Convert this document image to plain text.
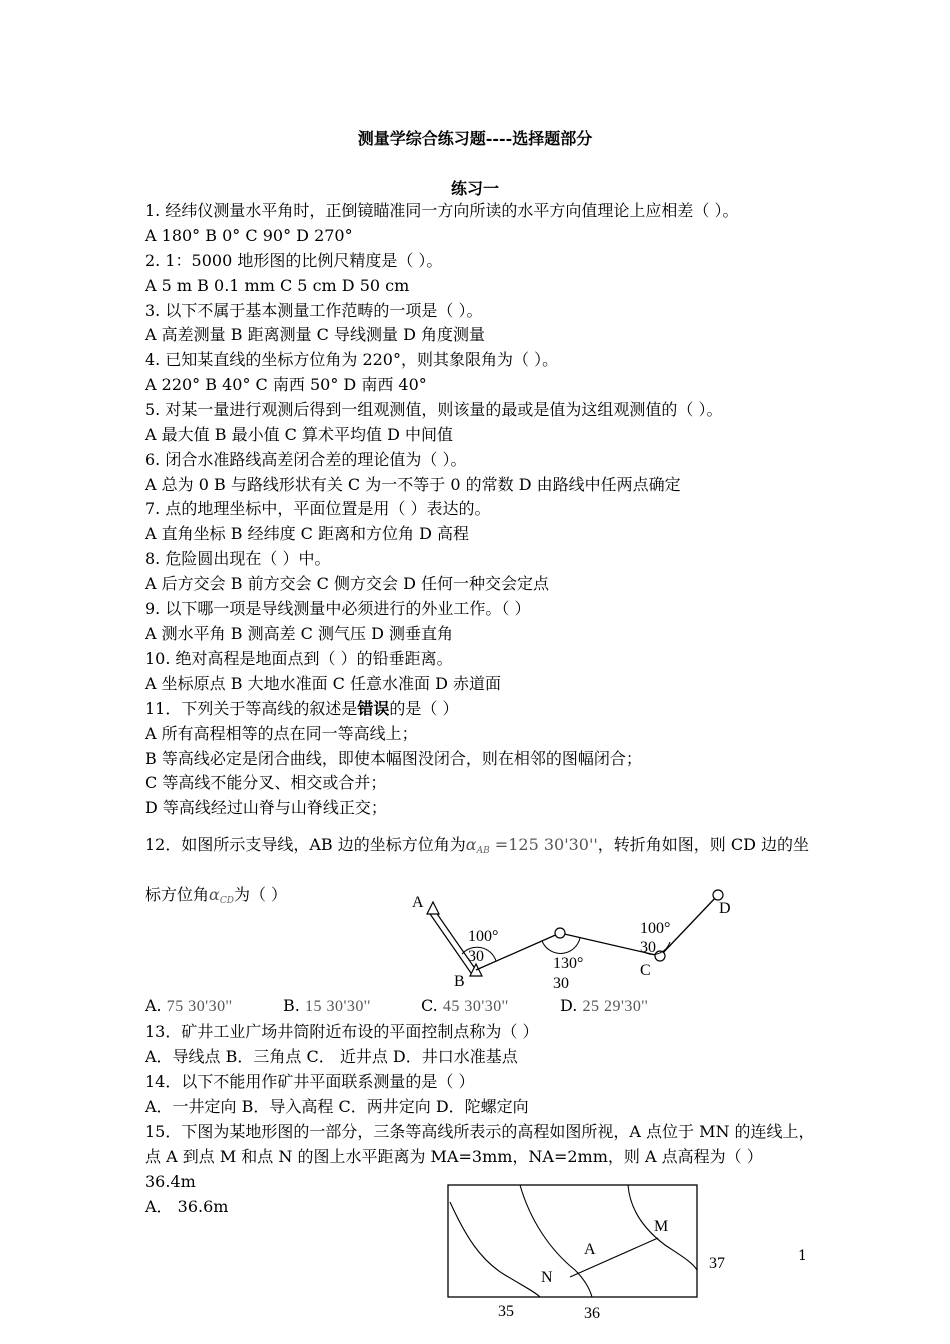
测量学综合练习题----选择题部分
练习一
1. 经纬仪测量水平角时，正倒镜瞄准同一方向所读的水平方向值理论上应相差（ ）。
A 180° B 0° C 90° D 270°
2. 1：5000 地形图的比例尺精度是（ ）。
A 5 m B 0.1 mm C 5 cm D 50 cm
3. 以下不属于基本测量工作范畴的一项是（ ）。
A 高差测量 B 距离测量 C 导线测量 D 角度测量
4. 已知某直线的坐标方位角为 220°，则其象限角为（ ）。
A 220° B 40° C 南西 50° D 南西 40°
5. 对某一量进行观测后得到一组观测值，则该量的最或是值为这组观测值的（ ）。
A 最大值 B 最小值 C 算术平均值 D 中间值
6. 闭合水准路线高差闭合差的理论值为（ ）。
A 总为 0 B 与路线形状有关 C 为一不等于 0 的常数 D 由路线中任两点确定
7. 点的地理坐标中，平面位置是用（ ）表达的。
A 直角坐标 B 经纬度 C 距离和方位角 D 高程
8. 危险圆出现在（ ）中。
A 后方交会 B 前方交会 C 侧方交会 D 任何一种交会定点
9. 以下哪一项是导线测量中必须进行的外业工作。（ ）
A 测水平角 B 测高差 C 测气压 D 测垂直角
10. 绝对高程是地面点到（ ）的铅垂距离。
A 坐标原点 B 大地水准面 C 任意水准面 D 赤道面
11．下列关于等高线的叙述是错误的是（ ）
A 所有高程相等的点在同一等高线上；
B 等高线必定是闭合曲线，即使本幅图没闭合，则在相邻的图幅闭合；
C 等高线不能分叉、相交或合并；
D 等高线经过山脊与山脊线正交；
12．如图所示支导线，AB 边的坐标方位角为$\alpha_{AB} =125$ 30'30''，转折角如图，则 CD 边的坐
标方位角$\alpha_{CD}$为（ ）	A
B
C
D
100°
30	130°
30
100°
30
A. 75 30'30''	B. 15 30'30''	C. 45 30'30''	D. 25 29'30''
13．矿井工业广场井筒附近布设的平面控制点称为（ ）
A．导线点 B．三角点 C． 近井点 D．井口水准基点
14．以下不能用作矿井平面联系测量的是（ ）
A．一井定向 B．导入高程 C．两井定向 D．陀螺定向
15．下图为某地形图的一部分，三条等高线所表示的高程如图所视，A 点位于 MN 的连线上，
点 A 到点 M 和点 N 的图上水平距离为 MA=3mm，NA=2mm，则 A 点高程为（ ）
36.4m
A． 36.6m
M
A
N
35	36
37	1
